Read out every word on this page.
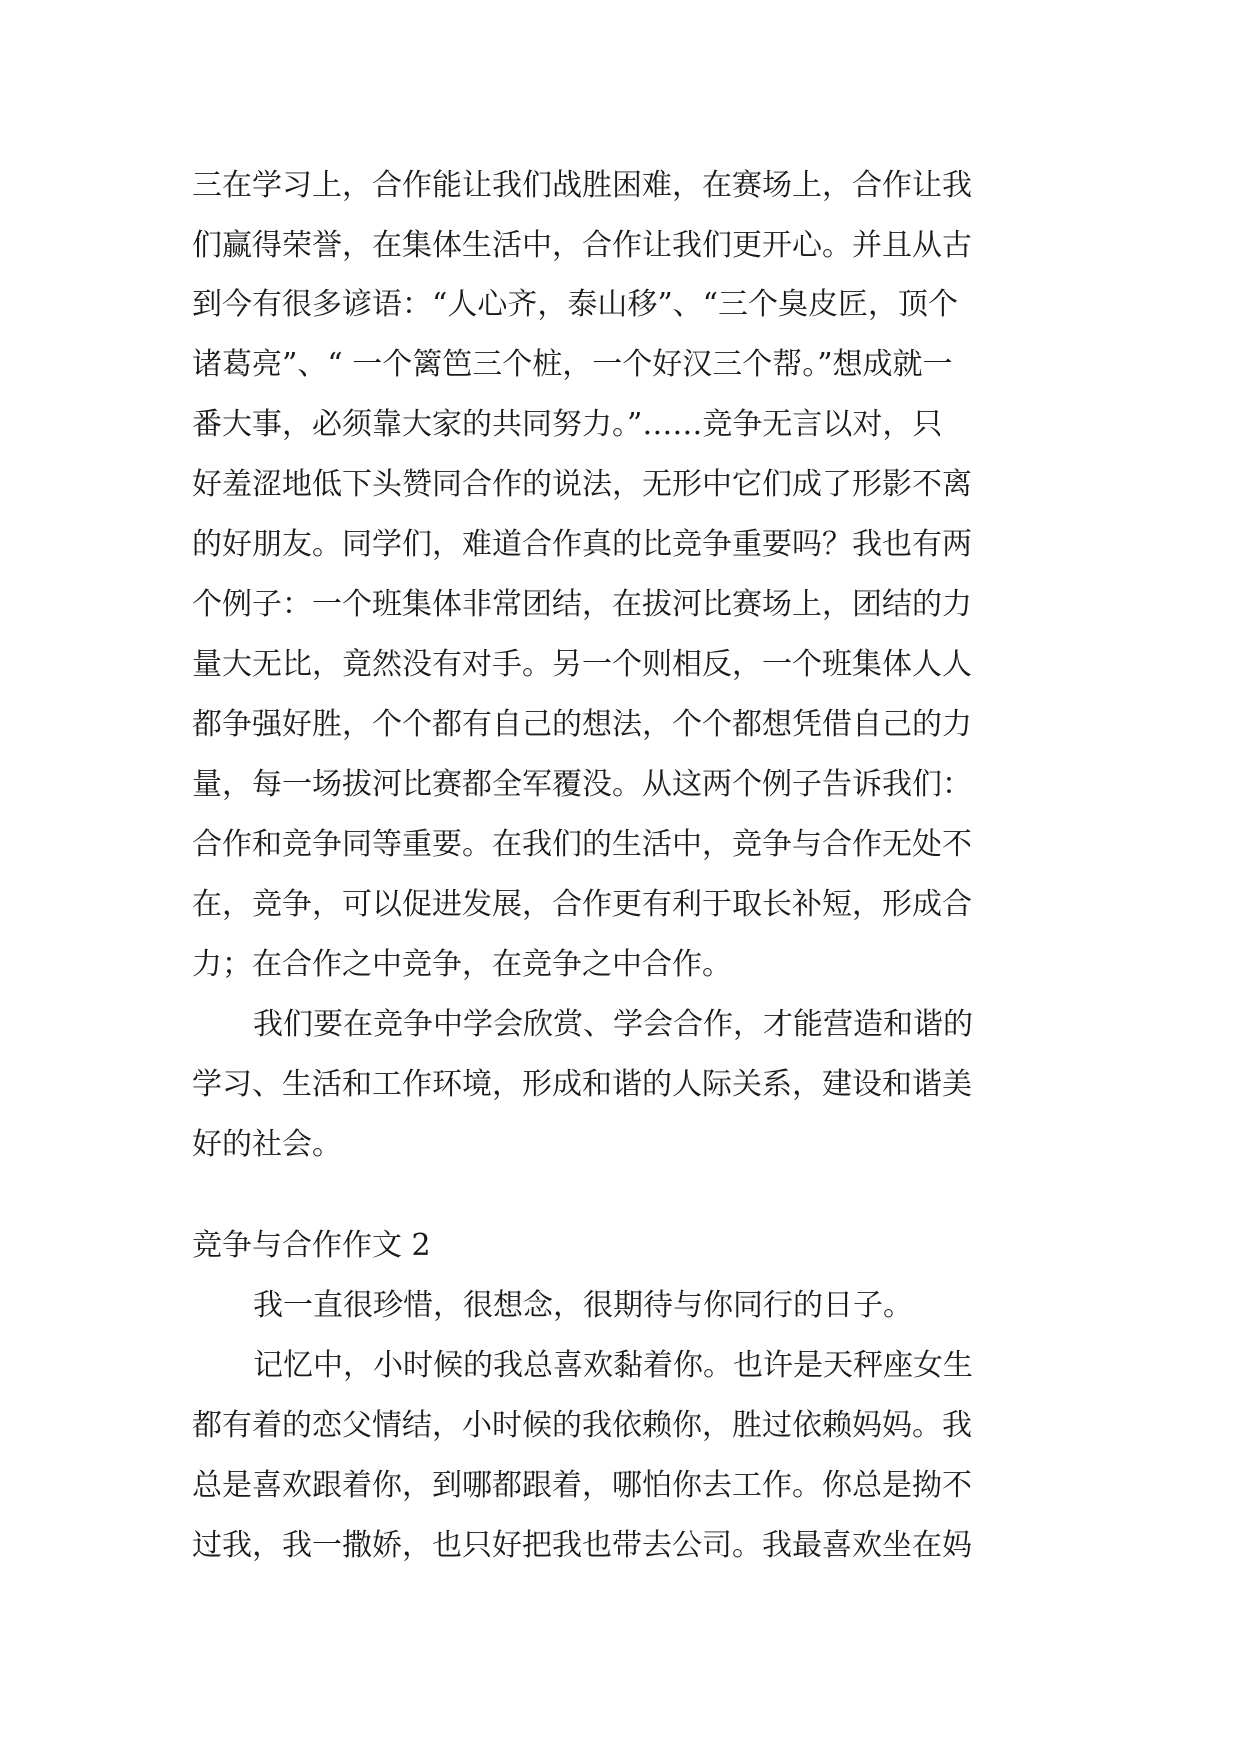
三在学习上，合作能让我们战胜困难，在赛场上，合作让我
们赢得荣誉，在集体生活中，合作让我们更开心。并且从古
到今有很多谚语：“人心齐，泰山移”、“三个臭皮匠，顶个
诸葛亮”、“ 一个篱笆三个桩，一个好汉三个帮。”想成就一
番大事，必须靠大家的共同努力。”……竞争无言以对，只
好羞涩地低下头赞同合作的说法，无形中它们成了形影不离
的好朋友。同学们，难道合作真的比竞争重要吗？我也有两
个例子：一个班集体非常团结，在拔河比赛场上，团结的力
量大无比，竟然没有对手。另一个则相反，一个班集体人人
都争强好胜，个个都有自己的想法，个个都想凭借自己的力
量，每一场拔河比赛都全军覆没。从这两个例子告诉我们：
合作和竞争同等重要。在我们的生活中，竞争与合作无处不
在，竞争，可以促进发展，合作更有利于取长补短，形成合
力；在合作之中竞争，在竞争之中合作。
我们要在竞争中学会欣赏、学会合作，才能营造和谐的
学习、生活和工作环境，形成和谐的人际关系，建设和谐美
好的社会。
竞争与合作作文 2
我一直很珍惜，很想念，很期待与你同行的日子。
记忆中，小时候的我总喜欢黏着你。也许是天秤座女生
都有着的恋父情结，小时候的我依赖你，胜过依赖妈妈。我
总是喜欢跟着你，到哪都跟着，哪怕你去工作。你总是拗不
过我，我一撒娇，也只好把我也带去公司。我最喜欢坐在妈
